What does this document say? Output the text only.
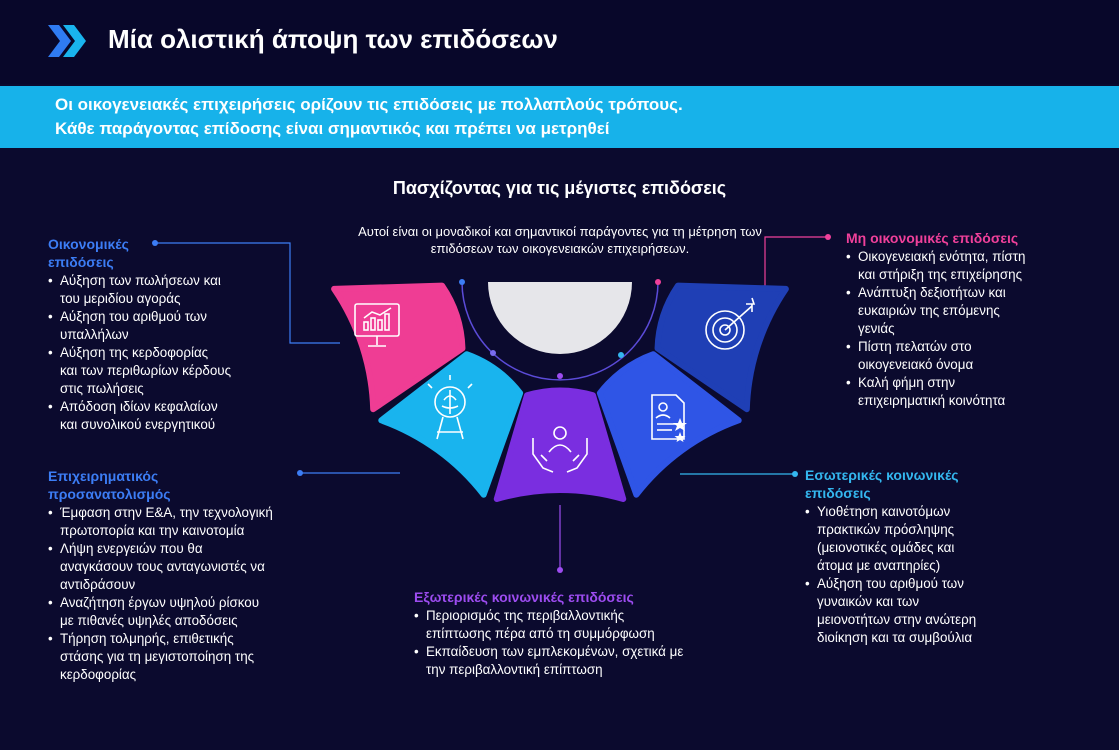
Μία ολιστική άποψη των επιδόσεων
Οι οικογενειακές επιχειρήσεις ορίζουν τις επιδόσεις με πολλαπλούς τρόπους.
Κάθε παράγοντας επίδοσης είναι σημαντικός και πρέπει να μετρηθεί
Πασχίζοντας για τις μέγιστες επιδόσεις
Αυτοί είναι οι μοναδικοί και σημαντικοί παράγοντες για τη μέτρηση των επιδόσεων των οικογενειακών επιχειρήσεων.
Οικονομικές
επιδόσεις
• Αύξηση των πωλήσεων και
του μεριδίου αγοράς
• Αύξηση του αριθμού των
υπαλλήλων
• Αύξηση της κερδοφορίας
και των περιθωρίων κέρδους
στις πωλήσεις
• Απόδοση ιδίων κεφαλαίων
και συνολικού ενεργητικού
Επιχειρηματικός
προσανατολισμός
• Έμφαση στην Ε&Α, την τεχνολογική
πρωτοπορία και την καινοτομία
• Λήψη ενεργειών που θα
αναγκάσουν τους ανταγωνιστές να
αντιδράσουν
• Αναζήτηση έργων υψηλού ρίσκου
με πιθανές υψηλές αποδόσεις
• Τήρηση τολμηρής, επιθετικής
στάσης για τη μεγιστοποίηση της
κερδοφορίας
Εξωτερικές κοινωνικές επιδόσεις
• Περιορισμός της περιβαλλοντικής
επίπτωσης πέρα από τη συμμόρφωση
• Εκπαίδευση των εμπλεκομένων, σχετικά με
την περιβαλλοντική επίπτωση
Εσωτερικές κοινωνικές
επιδόσεις
• Υιοθέτηση καινοτόμων
πρακτικών πρόσληψης
(μειονοτικές ομάδες και
άτομα με αναπηρίες)
• Αύξηση του αριθμού των
γυναικών και των
μειονοτήτων στην ανώτερη
διοίκηση και τα συμβούλια
Μη οικονομικές επιδόσεις
• Οικογενειακή ενότητα, πίστη
και στήριξη της επιχείρησης
• Ανάπτυξη δεξιοτήτων και
ευκαιριών της επόμενης
γενιάς
• Πίστη πελατών στο
οικογενειακό όνομα
• Καλή φήμη στην
επιχειρηματική κοινότητα
